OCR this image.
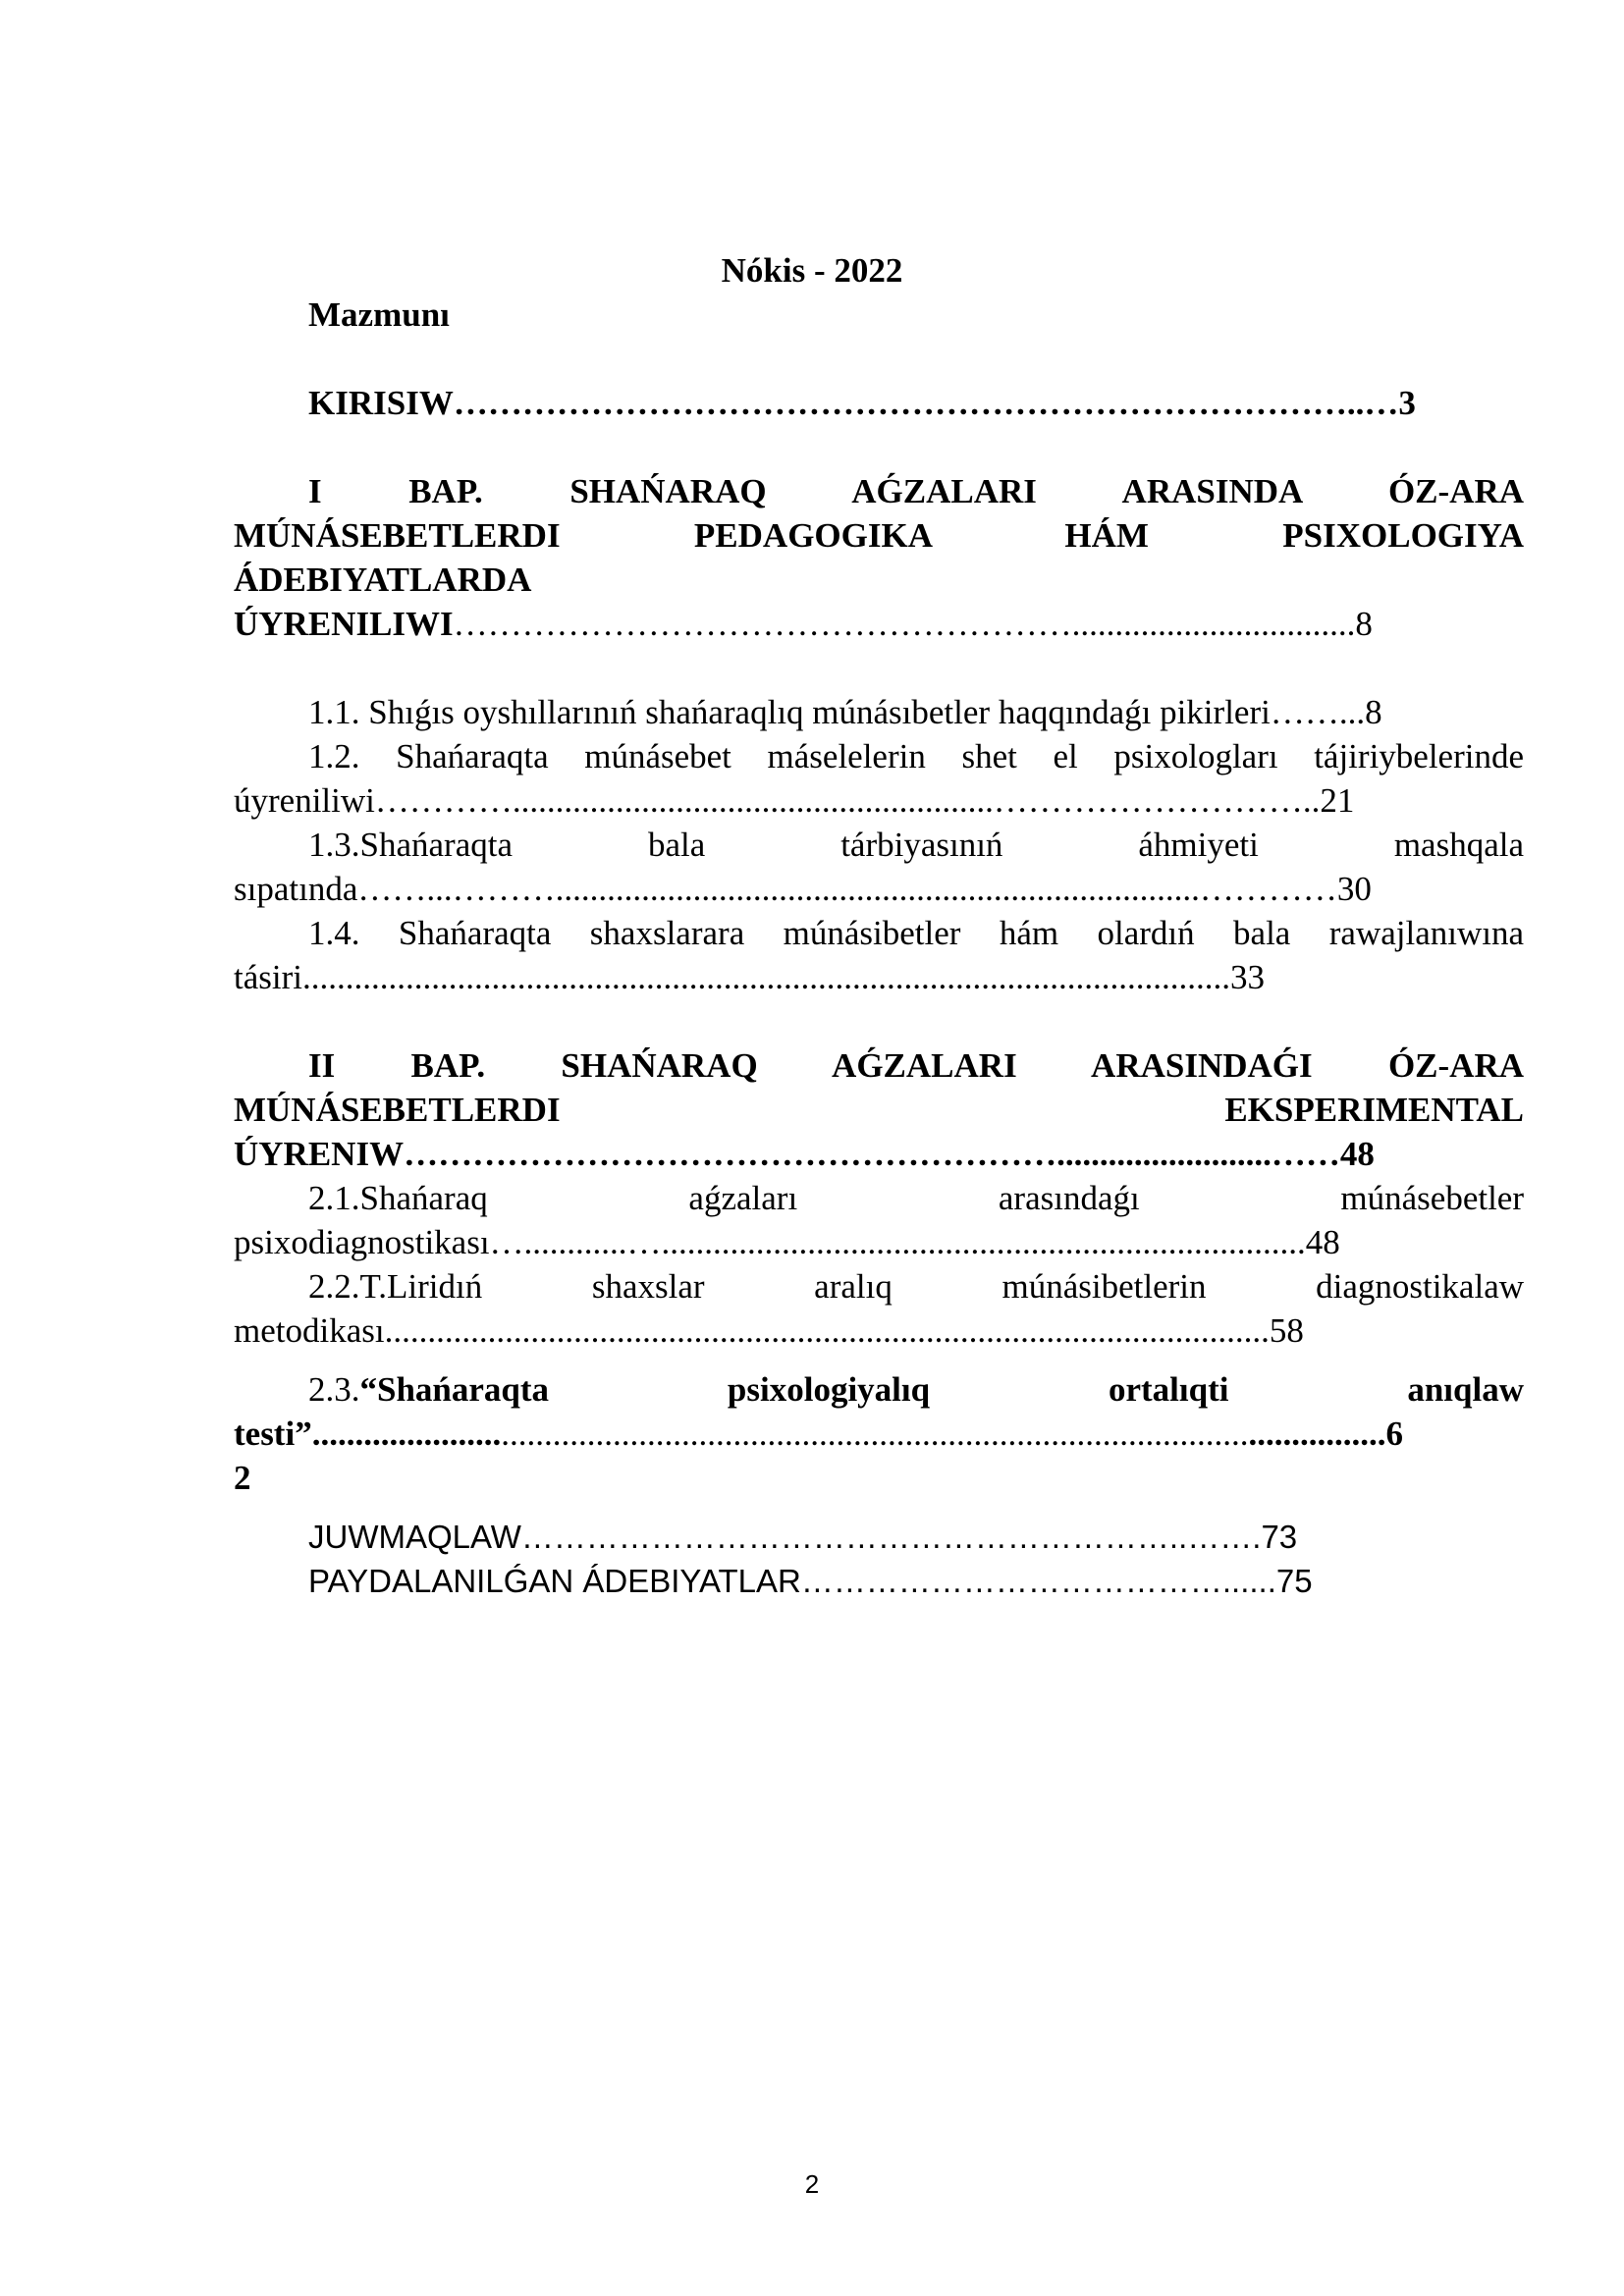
Nókis - 2022
Mazmunı
KIRISIW……………………………………………………………………..…3
I BAP. SHAŃARAQ AǴZALARI ARASINDA ÓZ-ARA
MÚNÁSEBETLERDI PEDAGOGIKA HÁM PSIXOLOGIYA
ÁDEBIYATLARDA
ÚYRENILIWI……………………………………………….................................8
1.1. Shıǵıs oyshıllarınıń shańaraqlıq múnásıbetler haqqındaǵı pikirleri……...8
1.2. Shańaraqta múnásebet máselelerin shet el psixologları tájiriybelerinde
úyreniliwi…………........................................................………………………..21
1.3.Shańaraqta bala tárbiyasınıń áhmiyeti mashqala
sıpatında……...………...........................................................................…………30
1.4. Shańaraqta shaxslarara múnásibetler hám olardıń bala rawajlanıwına
tásiri............................................................................................................33
II BAP. SHAŃARAQ AǴZALARI ARASINDAǴI ÓZ-ARA
MÚNÁSEBETLERDI EKSPERIMENTAL
ÚYRENIW………………………………………………….........................……48
2.1.Shańaraq aǵzaları arasındaǵı múnásebetler
psixodiagnostikası…............…...........................................................................48
2.2.T.Liridıń shaxslar aralıq múnásibetlerin diagnostikalaw
metodikası.......................................................................................................58
2.3. “Shańaraqta psixologiyalıq ortalıqti anıqlaw
testi”.............................................................................................................................6
2
JUWMAQLAW……………………………………………………..…….73
PAYDALANILǴAN ÁDEBIYATLAR…………………………………......75
2
